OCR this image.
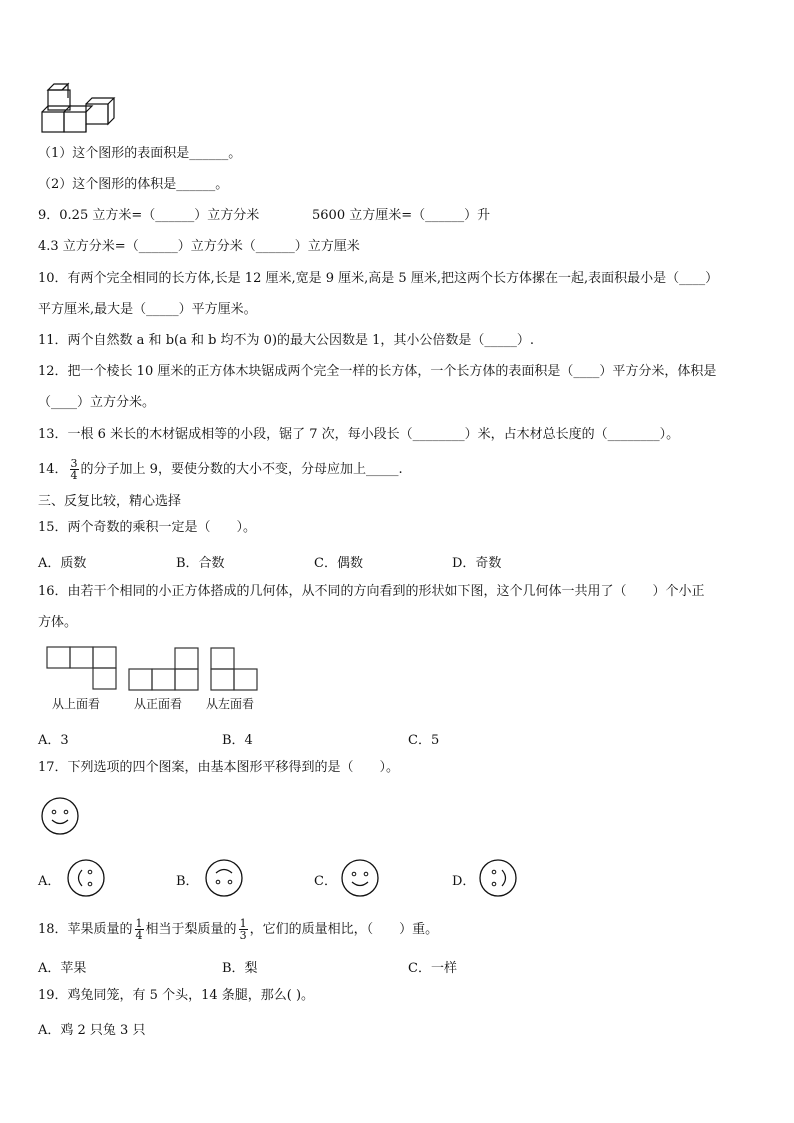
（1）这个图形的表面积是______。
（2）这个图形的体积是______。
9．0.25 立方米=（______）立方分米	5600 立方厘米=（______）升
4.3 立方分米=（______）立方分米（______）立方厘米
10．有两个完全相同的长方体,长是 12 厘米,宽是 9 厘米,高是 5 厘米,把这两个长方体摞在一起,表面积最小是（____）
平方厘米,最大是（_____）平方厘米。
11．两个自然数 a 和 b(a 和 b 均不为 0)的最大公因数是 1，其小公倍数是（_____）.
12．把一个棱长 10 厘米的正方体木块锯成两个完全一样的长方体，一个长方体的表面积是（____）平方分米，体积是
（____）立方分米。
13．一根 6 米长的木材锯成相等的小段，锯了 7 次，每小段长（________）米，占木材总长度的（________）。
14． $\frac{3}{4}$ 的分子加上 9，要使分数的大小不变，分母应加上_____.
三、反复比较，精心选择
15．两个奇数的乘积一定是（　　）。
A．质数	B．合数	C．偶数	D．奇数
16．由若干个相同的小正方体搭成的几何体，从不同的方向看到的形状如下图，这个几何体一共用了（　　）个小正
方体。
从上面看	从正面看 从左面看
A．3	B．4	C．5
17．下列选项的四个图案，由基本图形平移得到的是（　　）。
A．	B．	C．	D．
18．苹果质量的 $\frac{1}{4}$ 相当于梨质量的 $\frac{1}{3}$ ，它们的质量相比，（　　）重。
A．苹果	B．梨	C．一样
19．鸡兔同笼，有 5 个头，14 条腿，那么( )。
A．鸡 2 只兔 3 只
